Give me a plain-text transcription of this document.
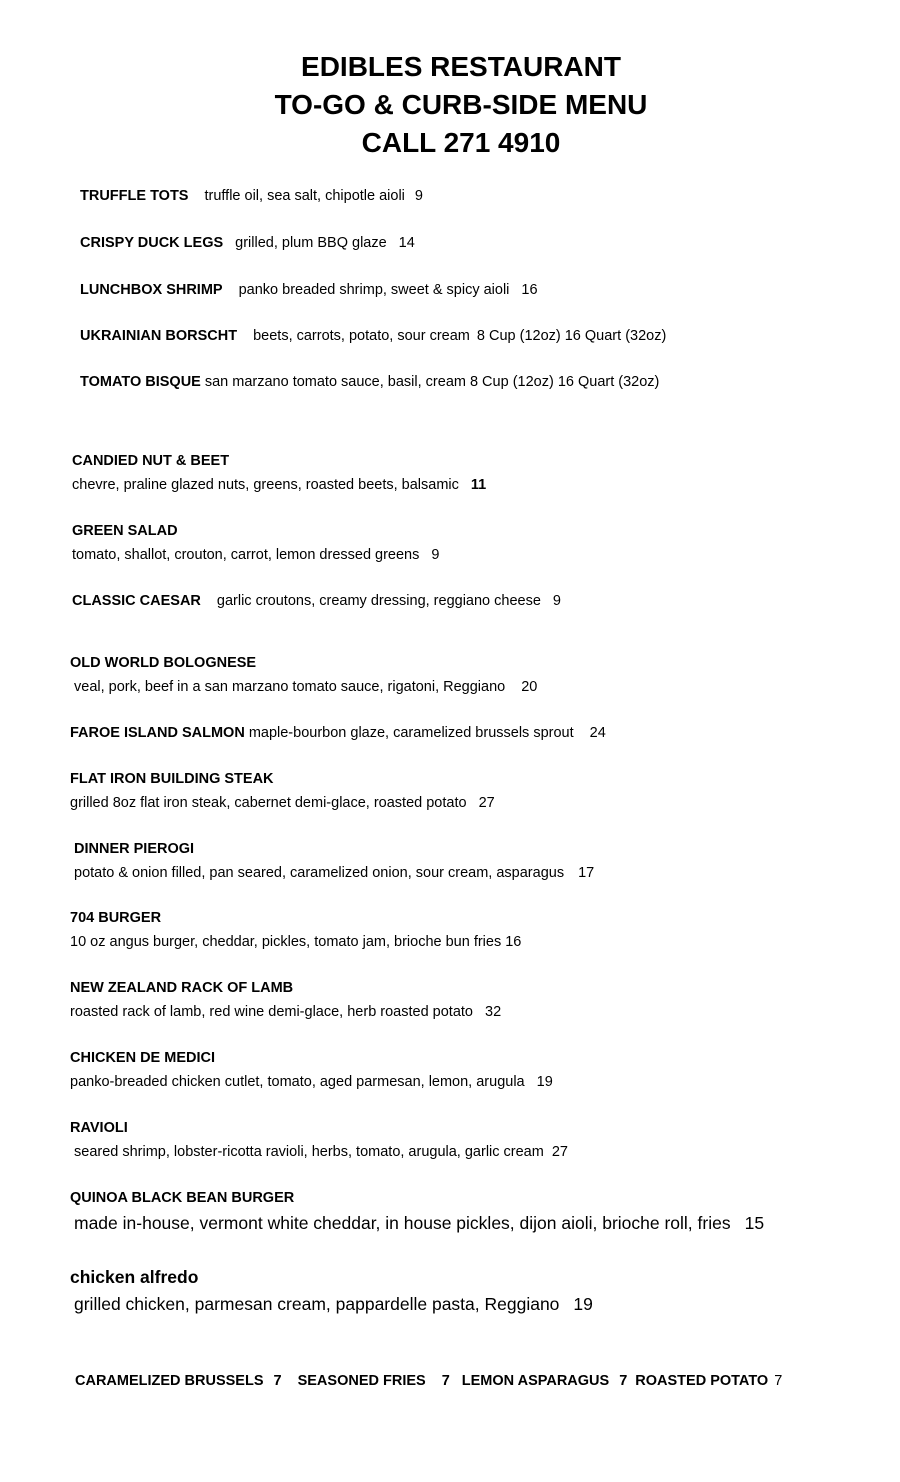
EDIBLES RESTAURANT
TO-GO & CURB-SIDE MENU
CALL 271 4910
TRUFFLE TOTS truffle oil, sea salt, chipotle aioli 9
CRISPY DUCK LEGS grilled, plum BBQ glaze 14
LUNCHBOX SHRIMP panko breaded shrimp, sweet & spicy aioli 16
UKRAINIAN BORSCHT beets, carrots, potato, sour cream 8 Cup (12oz) 16 Quart (32oz)
TOMATO BISQUE san marzano tomato sauce, basil, cream 8 Cup (12oz) 16 Quart (32oz)
CANDIED NUT & BEET
chevre, praline glazed nuts, greens, roasted beets, balsamic 11
GREEN SALAD
tomato, shallot, crouton, carrot, lemon dressed greens 9
CLASSIC CAESAR garlic croutons, creamy dressing, reggiano cheese 9
OLD WORLD BOLOGNESE
veal, pork, beef in a san marzano tomato sauce, rigatoni, Reggiano 20
FAROE ISLAND SALMON maple-bourbon glaze, caramelized brussels sprout 24
FLAT IRON BUILDING STEAK
grilled 8oz flat iron steak, cabernet demi-glace, roasted potato 27
DINNER PIEROGI
potato & onion filled, pan seared, caramelized onion, sour cream, asparagus 17
704 BURGER
10 oz angus burger, cheddar, pickles, tomato jam, brioche bun fries 16
NEW ZEALAND RACK OF LAMB
roasted rack of lamb, red wine demi-glace, herb roasted potato 32
CHICKEN DE MEDICI
panko-breaded chicken cutlet, tomato, aged parmesan, lemon, arugula 19
RAVIOLI
seared shrimp, lobster-ricotta ravioli, herbs, tomato, arugula, garlic cream 27
QUINOA BLACK BEAN BURGER
made in-house, vermont white cheddar, in house pickles, dijon aioli, brioche roll, fries 15
chicken alfredo
grilled chicken, parmesan cream, pappardelle pasta, Reggiano 19
CARAMELIZED BRUSSELS 7 SEASONED FRIES 7 LEMON ASPARAGUS 7 ROASTED POTATO 7
